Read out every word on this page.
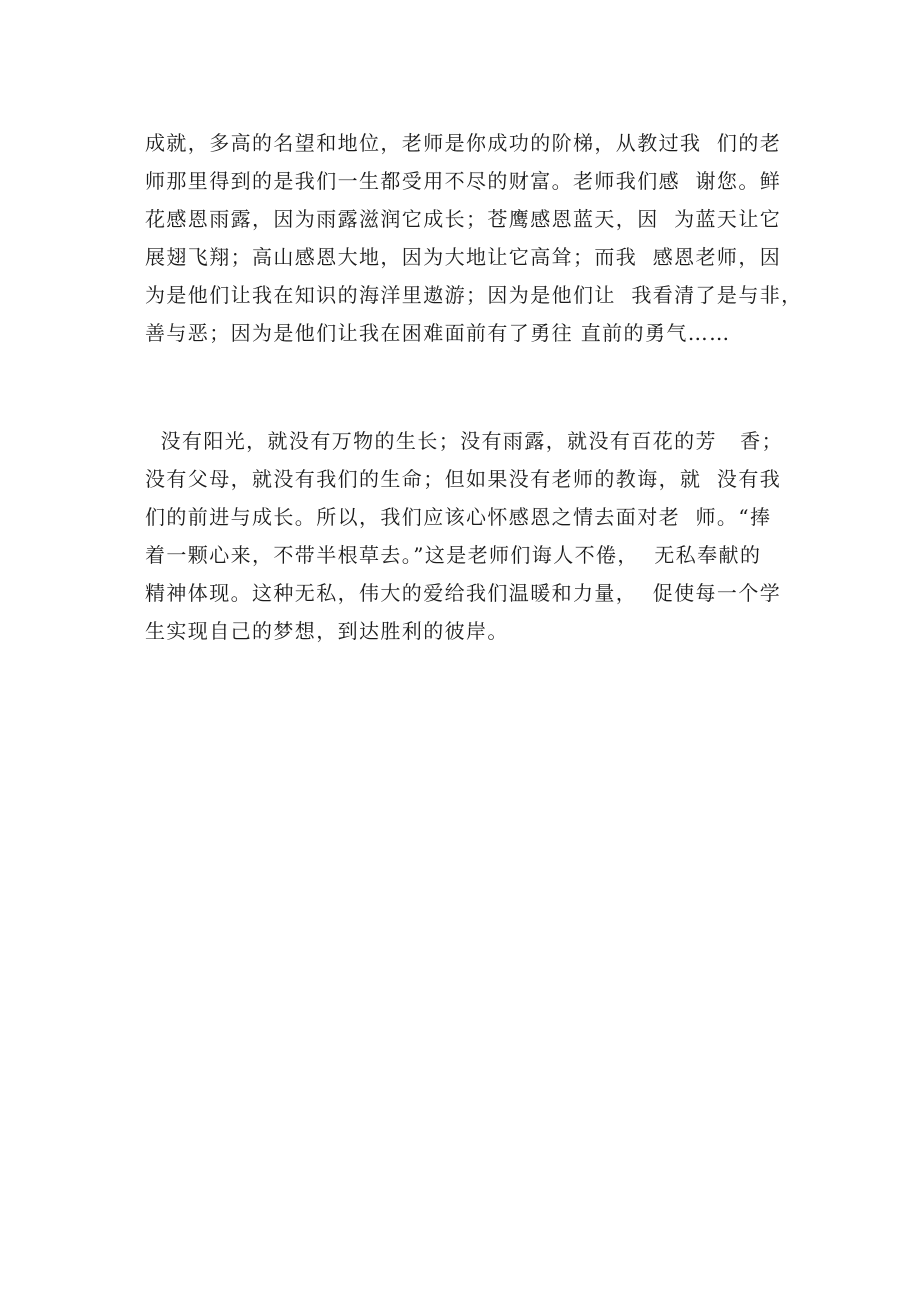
成就，多高的名望和地位，老师是你成功的阶梯，从教过我  们的老
师那里得到的是我们一生都受用不尽的财富。老师我们感  谢您。鲜
花感恩雨露，因为雨露滋润它成长；苍鹰感恩蓝天，因  为蓝天让它
展翅飞翔；高山感恩大地，因为大地让它高耸；而我  感恩老师，因
为是他们让我在知识的海洋里遨游；因为是他们让  我看清了是与非，
善与恶；因为是他们让我在困难面前有了勇往 直前的勇气……
没有阳光，就没有万物的生长；没有雨露，就没有百花的芳   香；
没有父母，就没有我们的生命；但如果没有老师的教诲，就  没有我
们的前进与成长。所以，我们应该心怀感恩之情去面对老  师。“捧
着一颗心来，不带半根草去。”这是老师们诲人不倦，  无私奉献的
精神体现。这种无私，伟大的爱给我们温暖和力量，  促使每一个学
生实现自己的梦想，到达胜利的彼岸。
